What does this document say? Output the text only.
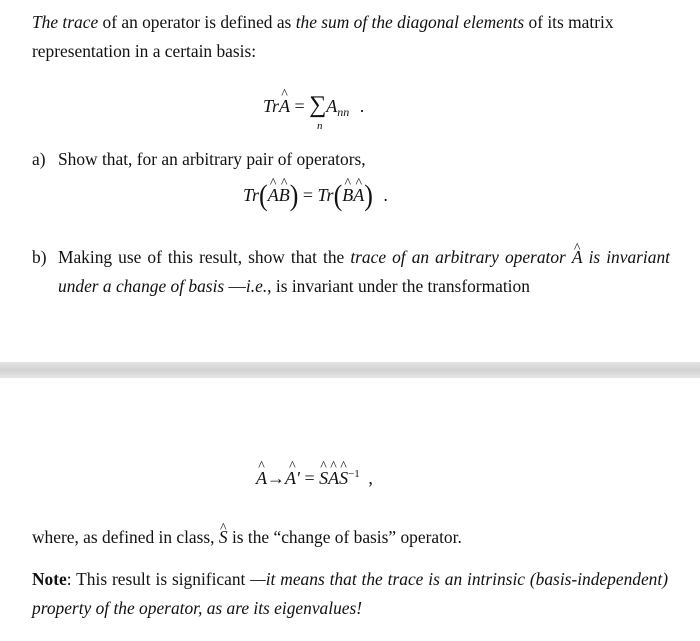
The trace of an operator is defined as the sum of the diagonal elements of its matrix representation in a certain basis:
Tr^ $A = \sum A_{nn}$ .
n
a) Show that, for an arbitrary pair of operators,
Tr(^ A^ B) = Tr(^ B^ A) .
b) Making use of this result, show that the trace of an arbitrary operator ^ A is invariant under a change of basis —i.e., is invariant under the transformation
^ A→^ A′ = ^ S^ A^ $S^{-1}$ ,
where, as defined in class, ^ S is the “change of basis” operator.
Note: This result is significant —it means that the trace is an intrinsic (basis-independent) property of the operator, as are its eigenvalues!
